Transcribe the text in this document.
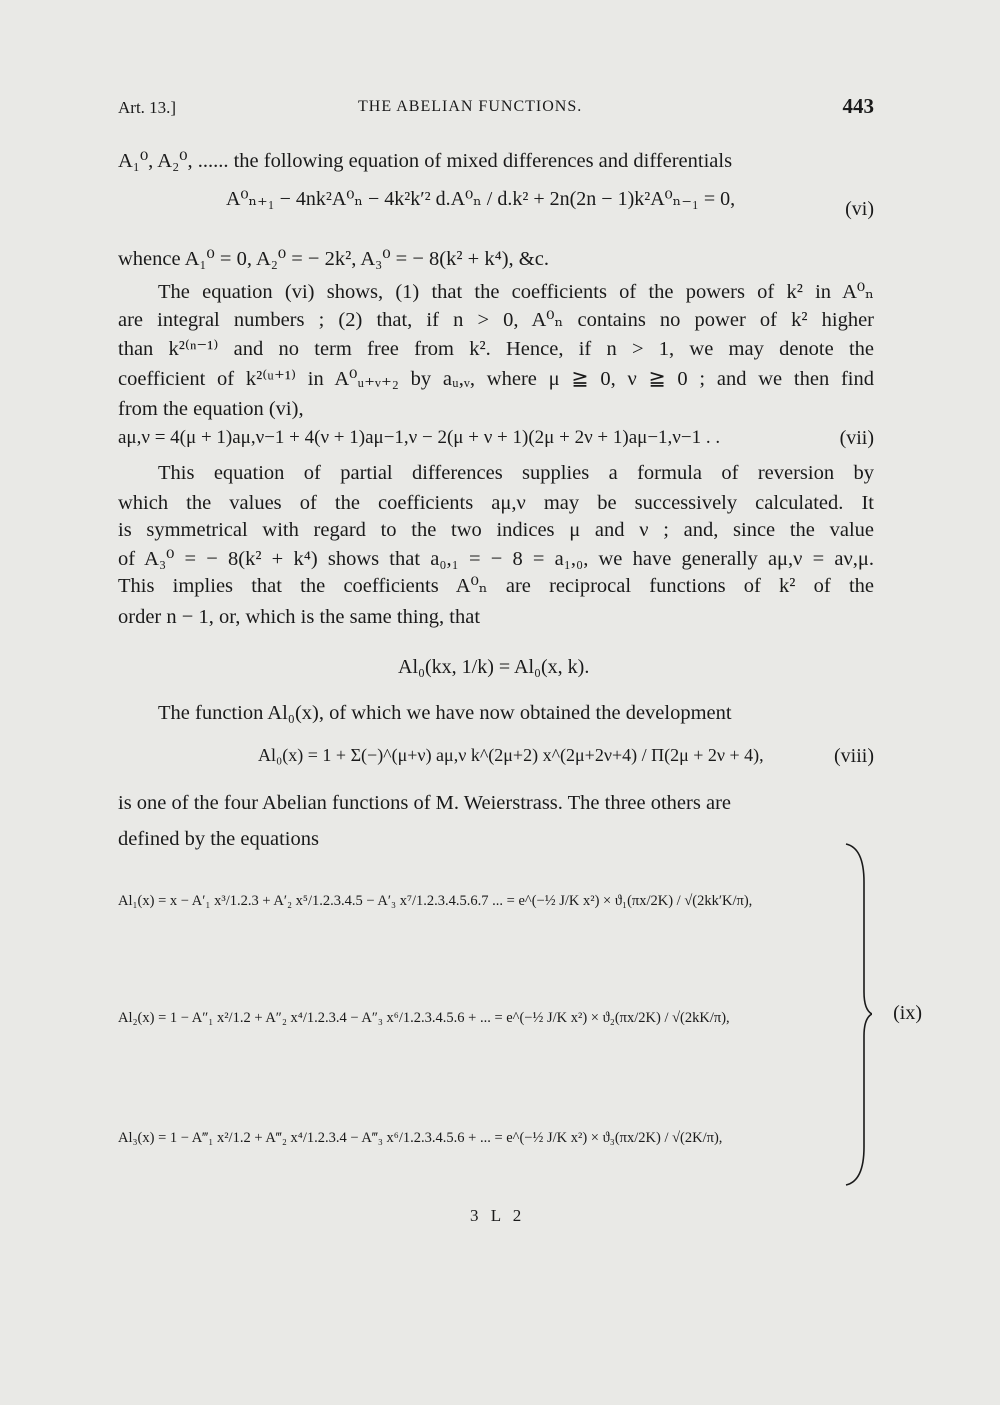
Art. 13.]	THE ABELIAN FUNCTIONS.	443
A₁⁰, A₂⁰, ...... the following equation of mixed differences and differentials
A⁰ₙ₊₁ − 4nk²A⁰ₙ − 4k²k′² d.A⁰ₙ / d.k² + 2n(2n − 1)k²A⁰ₙ₋₁ = 0,	(vi)
whence A₁⁰ = 0, A₂⁰ = − 2k², A₃⁰ = − 8(k² + k⁴), &c.
The equation (vi) shows, (1) that the coefficients of the powers of k² in A⁰ₙ
are integral numbers ; (2) that, if n > 0, A⁰ₙ contains no power of k² higher
than k²⁽ⁿ⁻¹⁾ and no term free from k². Hence, if n > 1, we may denote the
coefficient of k²⁽ᵘ⁺¹⁾ in A⁰ᵤ₊ᵥ₊₂ by aᵤ,ᵥ, where μ ≧ 0, ν ≧ 0 ; and we then find
from the equation (vi),
aμ,ν = 4(μ + 1)aμ,ν−1 + 4(ν + 1)aμ−1,ν − 2(μ + ν + 1)(2μ + 2ν + 1)aμ−1,ν−1 . .	(vii)
This equation of partial differences supplies a formula of reversion by
which the values of the coefficients aμ,ν may be successively calculated. It
is symmetrical with regard to the two indices μ and ν ; and, since the value
of A₃⁰ = − 8(k² + k⁴) shows that a₀,₁ = − 8 = a₁,₀, we have generally aμ,ν = aν,μ.
This implies that the coefficients A⁰ₙ are reciprocal functions of k² of the
order n − 1, or, which is the same thing, that
Al₀(kx, 1/k) = Al₀(x, k).
The function Al₀(x), of which we have now obtained the development
Al₀(x) = 1 + Σ(−)^(μ+ν) aμ,ν k^(2μ+2) x^(2μ+2ν+4) / Π(2μ + 2ν + 4),	(viii)
is one of the four Abelian functions of M. Weierstrass. The three others are
defined by the equations
Al₁(x) = x − A′₁ x³/1.2.3 + A′₂ x⁵/1.2.3.4.5 − A′₃ x⁷/1.2.3.4.5.6.7 ... = e^(−½ J/K x²) × ϑ₁(πx/2K) / √(2kk′K/π),
Al₂(x) = 1 − A″₁ x²/1.2 + A″₂ x⁴/1.2.3.4 − A″₃ x⁶/1.2.3.4.5.6 + ... = e^(−½ J/K x²) × ϑ₂(πx/2K) / √(2kK/π),
Al₃(x) = 1 − A‴₁ x²/1.2 + A‴₂ x⁴/1.2.3.4 − A‴₃ x⁶/1.2.3.4.5.6 + ... = e^(−½ J/K x²) × ϑ₃(πx/2K) / √(2K/π),
(ix)
3 L 2
